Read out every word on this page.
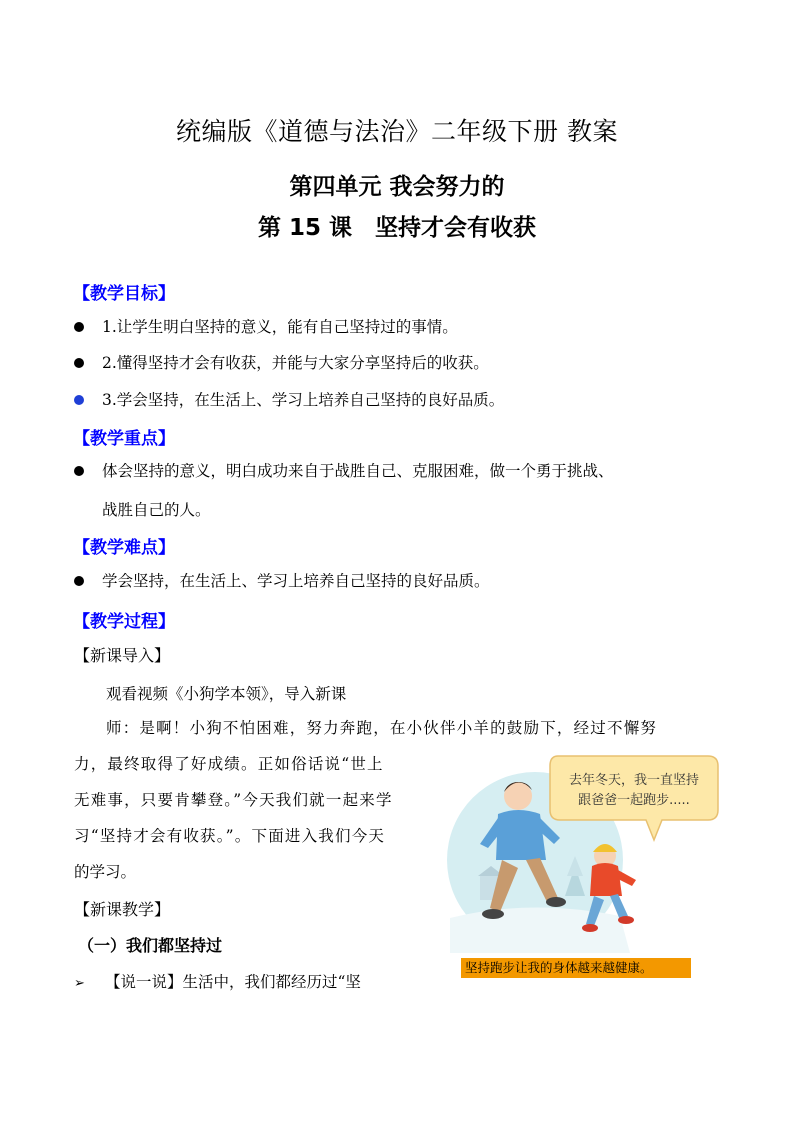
统编版《道德与法治》二年级下册 教案
第四单元 我会努力的
第 15 课　坚持才会有收获
【教学目标】
1.让学生明白坚持的意义，能有自己坚持过的事情。
2.懂得坚持才会有收获，并能与大家分享坚持后的收获。
3.学会坚持，在生活上、学习上培养自己坚持的良好品质。
【教学重点】
体会坚持的意义，明白成功来自于战胜自己、克服困难，做一个勇于挑战、
战胜自己的人。
【教学难点】
学会坚持，在生活上、学习上培养自己坚持的良好品质。
【教学过程】
【新课导入】
观看视频《小狗学本领》，导入新课
师：是啊！小狗不怕困难，努力奔跑，在小伙伴小羊的鼓励下，经过不懈努
力，最终取得了好成绩。正如俗话说“世上
无难事，只要肯攀登。”今天我们就一起来学
习“坚持才会有收获。”。下面进入我们今天
的学习。
【新课教学】
（一）我们都坚持过
➢ 【说一说】生活中，我们都经历过“坚
去年冬天，我一直坚持
跟爸爸一起跑步.....
坚持跑步让我的身体越来越健康。
